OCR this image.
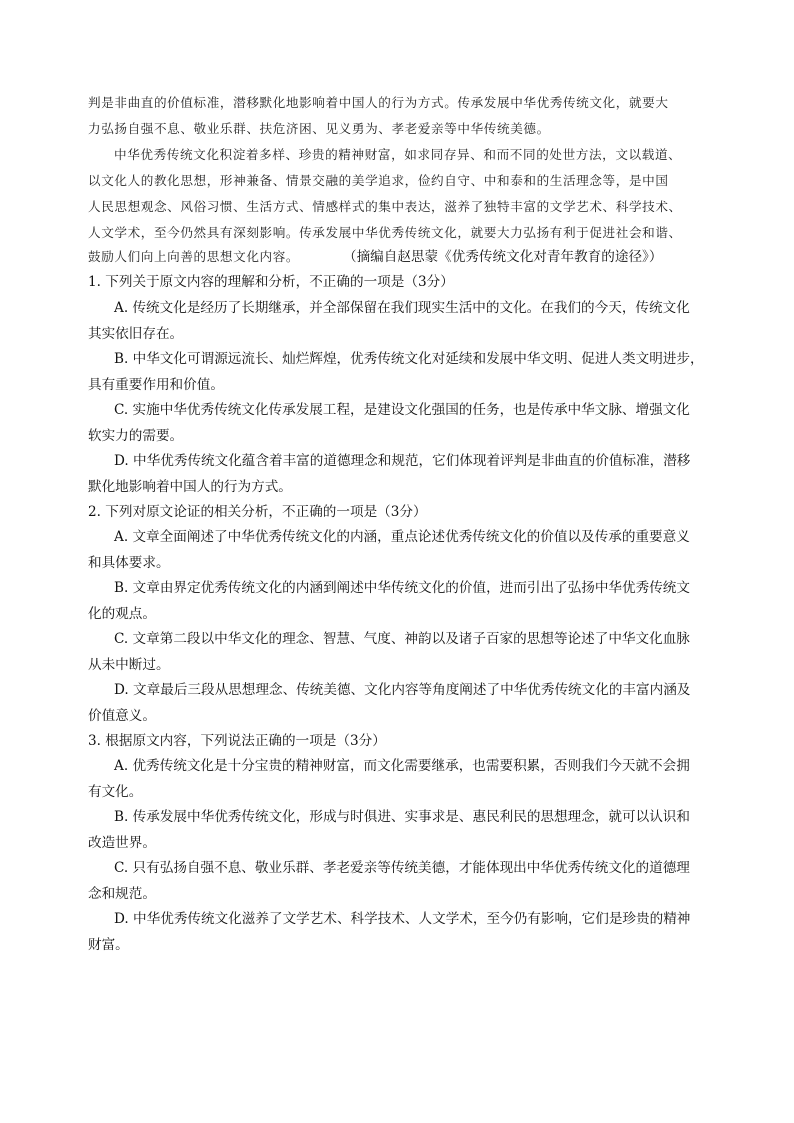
判是非曲直的价值标准，潜移默化地影响着中国人的行为方式。传承发展中华优秀传统文化，就要大
力弘扬自强不息、敬业乐群、扶危济困、见义勇为、孝老爱亲等中华传统美德。
中华优秀传统文化积淀着多样、珍贵的精神财富，如求同存异、和而不同的处世方法，文以载道、
以文化人的教化思想，形神兼备、情景交融的美学追求，俭约自守、中和泰和的生活理念等，是中国
人民思想观念、风俗习惯、生活方式、情感样式的集中表达，滋养了独特丰富的文学艺术、科学技术、
人文学术，至今仍然具有深刻影响。传承发展中华优秀传统文化，就要大力弘扬有利于促进社会和谐、
鼓励人们向上向善的思想文化内容。	（摘编自赵思蒙《优秀传统文化对青年教育的途径》）
1. 下列关于原文内容的理解和分析，不正确的一项是（3分）
A. 传统文化是经历了长期继承，并全部保留在我们现实生活中的文化。在我们的今天，传统文化
其实依旧存在。
B. 中华文化可谓源远流长、灿烂辉煌，优秀传统文化对延续和发展中华文明、促进人类文明进步，
具有重要作用和价值。
C. 实施中华优秀传统文化传承发展工程，是建设文化强国的任务，也是传承中华文脉、增强文化
软实力的需要。
D. 中华优秀传统文化蕴含着丰富的道德理念和规范，它们体现着评判是非曲直的价值标准，潜移
默化地影响着中国人的行为方式。
2. 下列对原文论证的相关分析，不正确的一项是（3分）
A. 文章全面阐述了中华优秀传统文化的内涵，重点论述优秀传统文化的价值以及传承的重要意义
和具体要求。
B. 文章由界定优秀传统文化的内涵到阐述中华传统文化的价值，进而引出了弘扬中华优秀传统文
化的观点。
C. 文章第二段以中华文化的理念、智慧、气度、神韵以及诸子百家的思想等论述了中华文化血脉
从未中断过。
D. 文章最后三段从思想理念、传统美德、文化内容等角度阐述了中华优秀传统文化的丰富内涵及
价值意义。
3. 根据原文内容，下列说法正确的一项是（3分）
A. 优秀传统文化是十分宝贵的精神财富，而文化需要继承，也需要积累，否则我们今天就不会拥
有文化。
B. 传承发展中华优秀传统文化，形成与时俱进、实事求是、惠民利民的思想理念，就可以认识和
改造世界。
C. 只有弘扬自强不息、敬业乐群、孝老爱亲等传统美德，才能体现出中华优秀传统文化的道德理
念和规范。
D. 中华优秀传统文化滋养了文学艺术、科学技术、人文学术，至今仍有影响，它们是珍贵的精神
财富。
